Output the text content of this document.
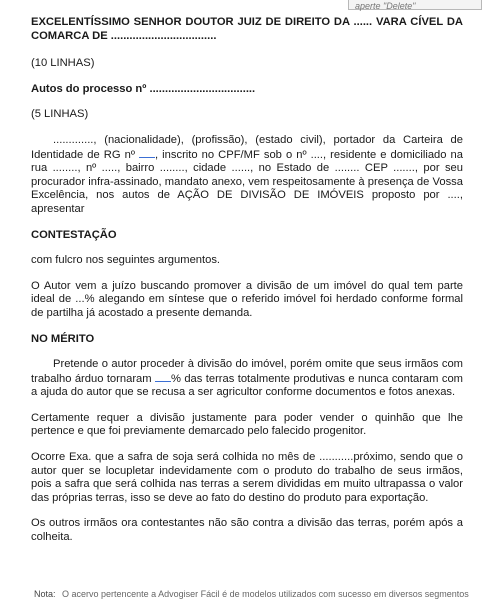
aperte "Delete"

EXCELENTÍSSIMO SENHOR DOUTOR JUIZ DE DIREITO DA ...... VARA CÍVEL DA COMARCA DE ..................................

(10 LINHAS)

Autos do processo nº ..................................

(5 LINHAS)

............., (nacionalidade), (profissão), (estado civil), portador da Carteira de Identidade de RG nº , inscrito no CPF/MF sob o nº ...., residente e domiciliado na rua ........, nº ....., bairro ........, cidade ......, no Estado de ........ CEP ......., por seu procurador infra-assinado, mandato anexo, vem respeitosamente à presença de Vossa Excelência, nos autos de AÇÃO DE DIVISÃO DE IMÓVEIS proposto por ...., apresentar

CONTESTAÇÃO

com fulcro nos seguintes argumentos.

O Autor vem a juízo buscando promover a divisão de um imóvel do qual tem parte ideal de ...% alegando em síntese que o referido imóvel foi herdado conforme formal de partilha já acostado a presente demanda.

NO MÉRITO

Pretende o autor proceder à divisão do imóvel, porém omite que seus irmãos com trabalho árduo tornaram % das terras totalmente produtivas e nunca contaram com a ajuda do autor que se recusa a ser agricultor conforme documentos e fotos anexas.

Certamente requer a divisão justamente para poder vender o quinhão que lhe pertence e que foi previamente demarcado pelo falecido progenitor.

Ocorre Exa. que a safra de soja será colhida no mês de ...........próximo, sendo que o autor quer se locupletar indevidamente com o produto do trabalho de seus irmãos, pois a safra que será colhida nas terras a serem divididas em muito ultrapassa o valor das próprias terras, isso se deve ao fato do destino do produto para exportação.

Os outros irmãos ora contestantes não são contra a divisão das terras, porém após a colheita.

Nota: O acervo pertencente a Advogiser Fácil é de modelos utilizados com sucesso em diversos segmentos
